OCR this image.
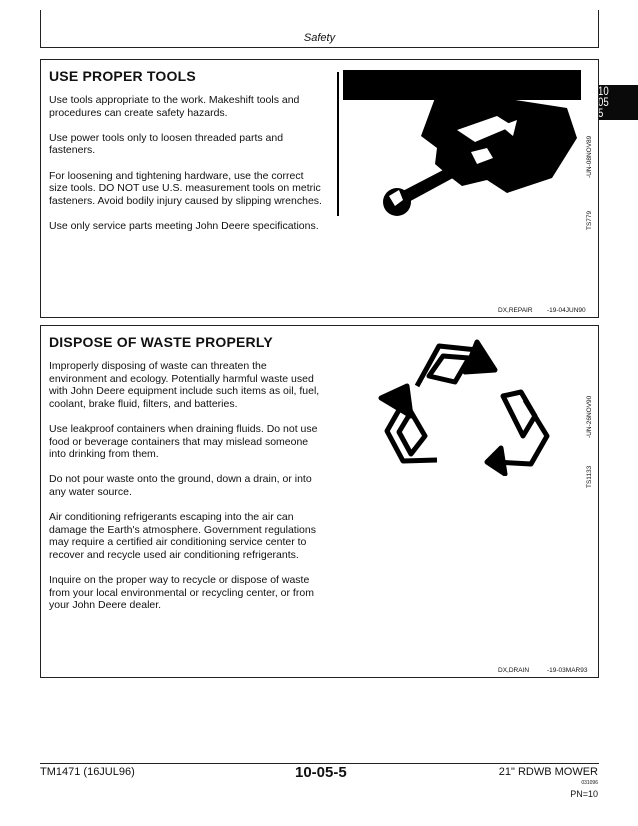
Safety
10
05
5
USE PROPER TOOLS

Use tools appropriate to the work. Makeshift tools and procedures can create safety hazards.

Use power tools only to loosen threaded parts and fasteners.

For loosening and tightening hardware, use the correct size tools. DO NOT use U.S. measurement tools on metric fasteners. Avoid bodily injury caused by slipping wrenches.

Use only service parts meeting John Deere specifications.	TS779
-UN-08NOV89
DX,REPAIR -19-04JUN90
DISPOSE OF WASTE PROPERLY

Improperly disposing of waste can threaten the environment and ecology. Potentially harmful waste used with John Deere equipment include such items as oil, fuel, coolant, brake fluid, filters, and batteries.

Use leakproof containers when draining fluids. Do not use food or beverage containers that may mislead someone into drinking from them.

Do not pour waste onto the ground, down a drain, or into any water source.

Air conditioning refrigerants escaping into the air can damage the Earth's atmosphere. Government regulations may require a certified air conditioning service center to recover and recycle used air conditioning refrigerants.

Inquire on the proper way to recycle or dispose of waste from your local environmental or recycling center, or from your John Deere dealer.

TS1133
-UN-26NOV90
DX,DRAIN	-19-03MAR93
TM1471 (16JUL96)	10-05-5	21" RDWB MOWER
031096
PN=10
